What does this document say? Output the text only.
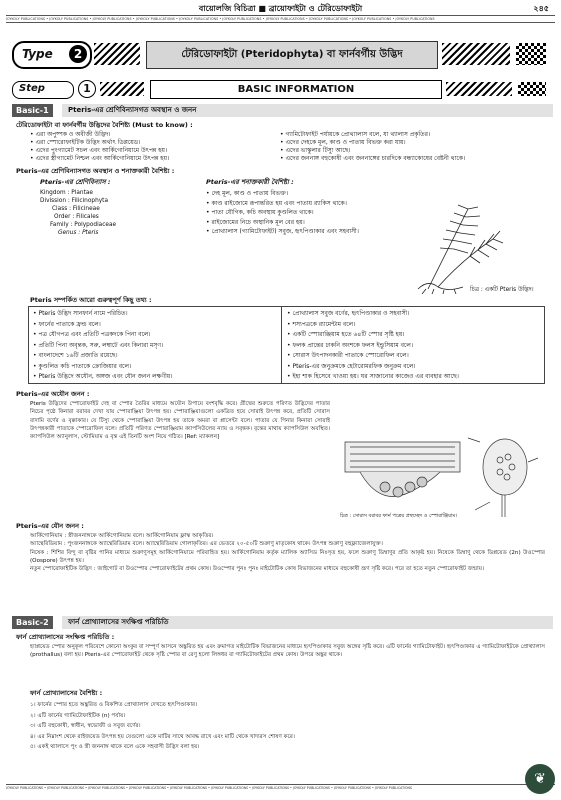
বায়োলজি বিচিত্রা ■ ব্রায়োফাইটা ও টেরিডোফাইটা	২৪৫
JOYKOLY PUBLICATIONS • JOYKOLY PUBLICATIONS • JOYKOLY PUBLICATIONS • JOYKOLY PUBLICATIONS • JOYKOLY PUBLICATIONS • JOYKOLY PUBLICATIONS • JOYKOLY PUBLICATIONS • JOYKOLY PUBLICATIONS • JOYKOLY PUBLICATIONS • JOYKOLY PUBLICATIONS
Type	2	টেরিডোফাইটা (Pteridophyta) বা ফার্নবর্গীয় উদ্ভিদ
Step	1	BASIC INFORMATION
Basic-1	Pteris-এর শ্রেণিবিন্যাসগত অবস্থান ও জনন
টেরিডোফাইটা বা ফার্নবর্গীয় উদ্ভিদের বৈশিষ্ট্য (Must to know) :
• এরা অপুষ্পক ও অবীজী উদ্ভিদ।
• এরা স্পোরোফাইটিক উদ্ভিদ অর্থাৎ ডিপ্লয়েড।
• এদের পুংগ্যামেট সচল এবং আর্কিগোনিয়ামে উৎপন্ন হয়।
• এদের স্ত্রীগ্যামেট নিশ্চল এবং আর্কিগোনিয়ামে উৎপন্ন হয়।
• গ্যামিটোফাইট পর্যায়কে প্রোথ্যালাস বলে, যা থ্যালাস প্রকৃতির।
• এদের দেহকে মূল, কাণ্ড ও পাতায় বিভক্ত করা যায়।
• এদের ভাস্কুলার টিস্যু আছে।
• এদের জননাঙ্গ বহুকোষী এবং জননাঙ্গের চারদিকে বন্ধ্যাকোষের বেষ্টনী থাকে।
Pteris-এর শ্রেণিবিন্যাসগত অবস্থান ও শনাক্তকারী বৈশিষ্ট্য :
Pteris-এর শ্রেণিবিন্যাস :
Kingdom : Plantae
Divission : Filicinophyta
Class : Filicineae
Order : Filicales
Family : Polypodiaceae
Genus : Pteris
Pteris-এর শনাক্তকারী বৈশিষ্ট্য :
• দেহ মূল, কাণ্ড ও পাতায় বিভক্ত।
• কাণ্ড রাইজোমে রূপান্তরিত হয় এবং পাতায় র‍্যাকিস থাকে।
• পাতা যৌগিক, কচি অবস্থায় কুণ্ডলিত থাকে।
• রাইজোমের নিচে অস্থানিক মূল বের হয়।
• প্রোথ্যালাস (গ্যামিটোফাইট) সবুজ, হৃৎপিণ্ডাকার এবং সহবাসী।
চিত্র : একটি Pteris উদ্ভিদ।
Pteris সম্পর্কিত আরো গুরুত্বপূর্ণ কিছু তথ্য :
• Pteris উদ্ভিদ সানফার্ন নামে পরিচিত।
• ফার্নের পাতাকে ফ্রন্ড বলে।
• পত্র যৌগপত্র এবং প্রতিটি পত্রকদকে পিনা বলে।
• প্রতিটি পিনা অবৃন্তক, সরু, লম্বাটে এবং কিনারা মসৃণ।
• বাংলাদেশে ১৬টি প্রজাতি রয়েছে।
• কুণ্ডলিত কচি পাতাকে ক্রোজিয়ার বলে।
• Pteris উদ্ভিদে অযৌন, অঙ্গজ এবং যৌন জনন লক্ষণীয়।
• প্রোথ্যালাস সবুজ বর্ণের, হৃৎপিণ্ডাকার ও সহবাসী।
• শস্যপত্রকে র‍্যামেন্টাম বলে।
• একটি স্পোরাঞ্জিয়াম হতে ৬৪টি স্পোর সৃষ্টি হয়।
• ফলক প্রান্তের ঢাকনি অংশকে ফলস ইন্ডুসিয়াম বলে।
• সোরাস উৎপাদনকারী পাতাকে স্পোরোফিল বলে।
• Pteris-এর জনুক্রমকে হেটারোমরফিক জনুক্রম বলে।
• ইহা শাক হিসেবে খাওয়া হয়। ঘর সাজানোর কাজেও এর ব্যবহার আছে।
Pteris-এর অযৌন জনন :
Pteris উদ্ভিদের স্পোরোফাইট দেহ বা স্পোর তৈরির মাধ্যমে অযৌন উপায়ে বংশবৃদ্ধি করে। গ্রীষ্মের শুরুতে পরিণত উদ্ভিদের পাতার নিচের পৃষ্ঠে কিনারা বরাবর দেখা যায় স্পোরাঞ্জিয়া উৎপন্ন হয়। স্পোরাঞ্জিয়াগুলো একত্রিত হয়ে সোরাই উৎপন্ন করে, প্রতিটি সোরাস বাদামি বর্ণের ও বৃক্কাকার। যে টিস্যু থেকে স্পোরাঞ্জিয়া উৎপন্ন হয় তাকে অমরা বা প্লাসেন্টা বলে। পাতার যে পিনার কিনারা সোরাই উৎপন্নকারী পাতাকে স্পোরোফিল বলে। প্রতিটি পরিণত স্পোরাঞ্জিয়াম ক্যাপসিউলের ন্যায় ও সবৃন্তক। বৃন্তের মাথায় ক্যাপসিউল অবস্থিত। ক্যাপসিউল অ্যানুলাস, স্টোমিয়াম ও বৃন্ত এই তিনটি অংশ নিয়ে গঠিত। [Ref: ম্যাকলন]
চিত্র : সোরাস বরাবর ফার্ন পত্রের প্রস্থচ্ছেদ ও স্পোরাঞ্জিয়াম।
Pteris-এর যৌন জনন :
আর্কিগোনিয়াম : স্ত্রীজননাঙ্গকে আর্কিগোনিয়াম বলে। আর্কিগোনিয়াম ফ্লাস্ক আকৃতির।
অ্যান্থেরিডিয়াম : পুংজননাঙ্গকে অ্যান্থেরিডিয়াম বলে। অ্যান্থেরিডিয়াম গোলাকৃতির। এর ভেতরে ২০-৫০টি শুক্রাণু মাতৃকোষ থাকে। উৎপন্ন শুক্রাণু বহুফ্ল্যাজেলাযুক্ত।
নিষেক : শিশির বিন্দু বা বৃষ্টির পানির মাধ্যমে শুক্রাণুসমূহ আর্কিগোনিয়ামে পরিবাহিত হয়। আর্কিগোনিয়াম কর্তৃক ম্যালিক অ্যাসিড নিঃসৃত হয়, ফলে শুক্রাণু ডিম্বাণুর প্রতি আকৃষ্ট হয়। নিষেকে ডিম্বাণু থেকে ডিপ্লয়েড (2n) উওস্পোর (Oospore) উৎপন্ন হয়।
নতুন স্পোরোফাইটিক উদ্ভিদ : জাইগোট বা উওস্পোর স্পোরোফাইটের প্রথম কোষ। উওস্পোর পুনঃ পুনঃ মাইটোটিক কোষ বিভাজনের মাধ্যমে বহুকোষী ভ্রূণ সৃষ্টি করে। পরে তা হতে নতুন স্পোরোফাইট জন্মায়।
Basic-2	ফার্ন প্রোথ্যালাসের সংক্ষিপ্ত পরিচিতি
ফার্ন প্রোথ্যালাসের সংক্ষিপ্ত পরিচিতি :
হ্যাপ্লয়েড স্পোর অনুকূল পরিবেশে কোনো অংকুর বা সম্পূর্ণ আসনে অঙ্কুরিত হয় এবং ক্রমাগত মাইটোটিক বিভাজনের মাধ্যমে হৃৎপিণ্ডাকার সবুজ অঙ্গের সৃষ্টি করে। এটি ফার্নের গ্যামিটোফাইট। হৃৎপিণ্ডাকার এ গ্যামিটোফাইটকে প্রোথ্যালাস (prothallus) বলা হয়। Pteris-এর স্পোরোফাইট থেকে সৃষ্টি স্পোর বা রেণু হলো লিঙ্গধর বা গ্যামিটোফাইটের প্রথম কোষ। উপরে অঙ্কুর থাকে।
ফার্ন প্রোথ্যালাসের বৈশিষ্ট্য :
১। ফার্নের স্পোর হতে অঙ্কুরিত ও বিকশিত প্রোথ্যালাস দেখতে হৃৎপিণ্ডাকার।
২। এটি ফার্নের গ্যামিটোফাইটিক (n) পর্যায়।
৩। এটি বহুকোষী, স্বাধীন, স্বভোজী ও সবুজ বর্ণের।
৪। এর নিম্নাংশ থেকে রাইজয়েড উৎপন্ন হয় যেগুলো একে মাটির সাথে আবদ্ধ রাখে এবং মাটি থেকে খাদ্যরস শোষণ করে।
৫। একই থ্যালাসে পুং ও স্ত্রী জননাঙ্গ থাকে বলে একে সহবাসী উদ্ভিদ বলা হয়।
JOYKOLY PUBLICATIONS • JOYKOLY PUBLICATIONS • JOYKOLY PUBLICATIONS • JOYKOLY PUBLICATIONS • JOYKOLY PUBLICATIONS • JOYKOLY PUBLICATIONS • JOYKOLY PUBLICATIONS • JOYKOLY PUBLICATIONS • JOYKOLY PUBLICATIONS • JOYKOLY PUBLICATIONS
❦
